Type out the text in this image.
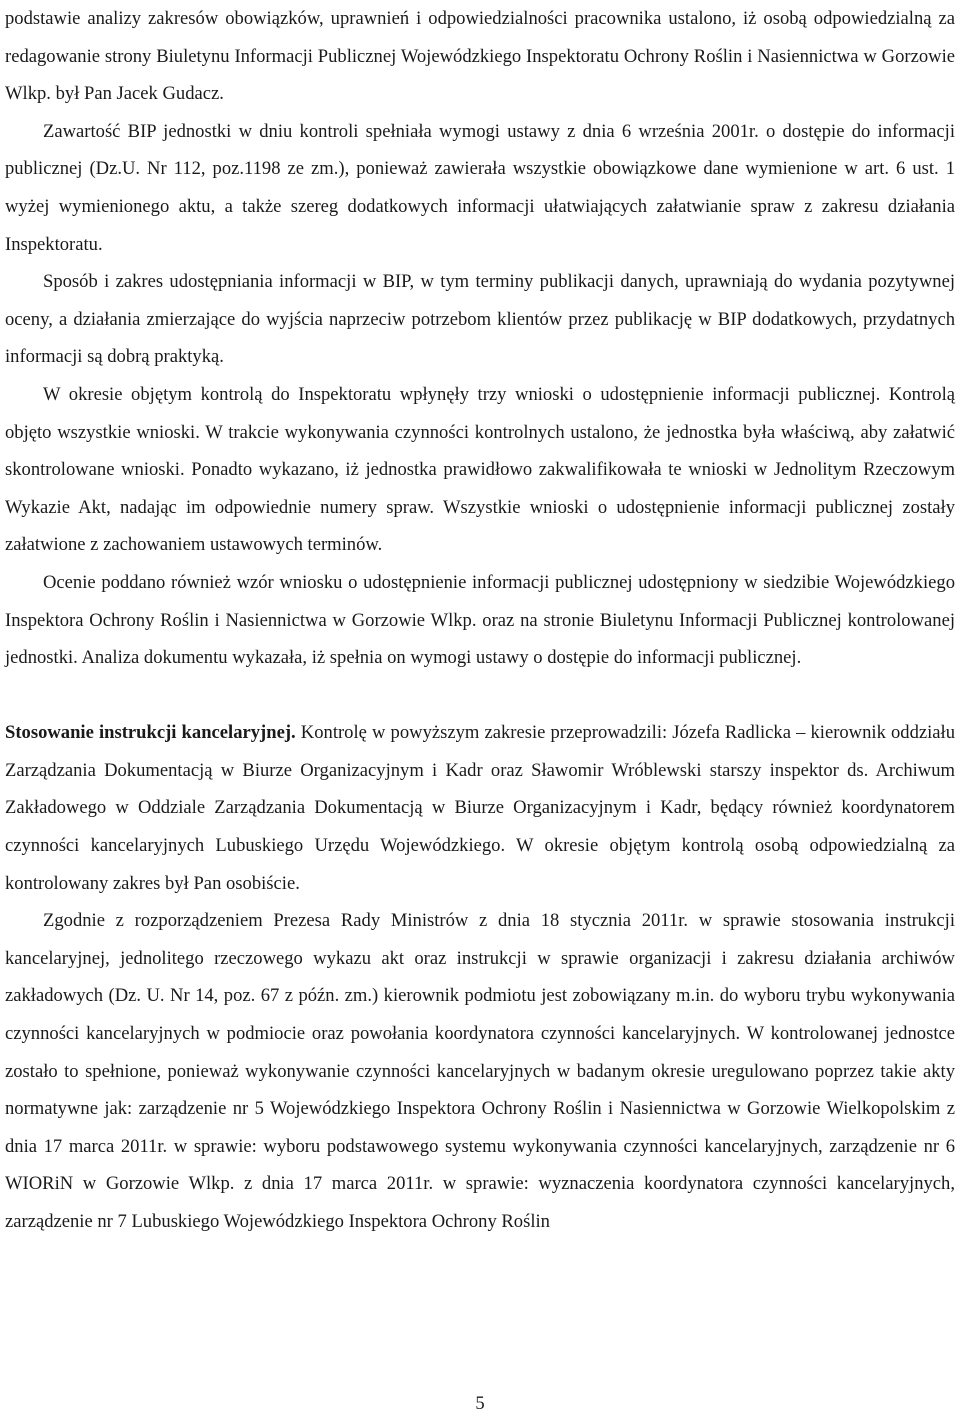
podstawie analizy zakresów obowiązków, uprawnień i odpowiedzialności pracownika ustalono, iż osobą odpowiedzialną za redagowanie strony Biuletynu Informacji Publicznej Wojewódzkiego Inspektoratu Ochrony Roślin i Nasiennictwa w Gorzowie Wlkp. był Pan Jacek Gudacz.

Zawartość BIP jednostki w dniu kontroli spełniała wymogi ustawy z dnia 6 września 2001r. o dostępie do informacji publicznej (Dz.U. Nr 112, poz.1198 ze zm.), ponieważ zawierała wszystkie obowiązkowe dane wymienione w art. 6 ust. 1 wyżej wymienionego aktu, a także szereg dodatkowych informacji ułatwiających załatwianie spraw z zakresu działania Inspektoratu.

Sposób i zakres udostępniania informacji w BIP, w tym terminy publikacji danych, uprawniają do wydania pozytywnej oceny, a działania zmierzające do wyjścia naprzeciw potrzebom klientów przez publikację w BIP dodatkowych, przydatnych informacji są dobrą praktyką.

W okresie objętym kontrolą do Inspektoratu wpłynęły trzy wnioski o udostępnienie informacji publicznej. Kontrolą objęto wszystkie wnioski. W trakcie wykonywania czynności kontrolnych ustalono, że jednostka była właściwą, aby załatwić skontrolowane wnioski. Ponadto wykazano, iż jednostka prawidłowo zakwalifikowała te wnioski w Jednolitym Rzeczowym Wykazie Akt, nadając im odpowiednie numery spraw. Wszystkie wnioski o udostępnienie informacji publicznej zostały załatwione z zachowaniem ustawowych terminów.

Ocenie poddano również wzór wniosku o udostępnienie informacji publicznej udostępniony w siedzibie Wojewódzkiego Inspektora Ochrony Roślin i Nasiennictwa w Gorzowie Wlkp. oraz na stronie Biuletynu Informacji Publicznej kontrolowanej jednostki. Analiza dokumentu wykazała, iż spełnia on wymogi ustawy o dostępie do informacji publicznej.

Stosowanie instrukcji kancelaryjnej. Kontrolę w powyższym zakresie przeprowadzili: Józefa Radlicka – kierownik oddziału Zarządzania Dokumentacją w Biurze Organizacyjnym i Kadr oraz Sławomir Wróblewski starszy inspektor ds. Archiwum Zakładowego w Oddziale Zarządzania Dokumentacją w Biurze Organizacyjnym i Kadr, będący również koordynatorem czynności kancelaryjnych Lubuskiego Urzędu Wojewódzkiego. W okresie objętym kontrolą osobą odpowiedzialną za kontrolowany zakres był Pan osobiście.

Zgodnie z rozporządzeniem Prezesa Rady Ministrów z dnia 18 stycznia 2011r. w sprawie stosowania instrukcji kancelaryjnej, jednolitego rzeczowego wykazu akt oraz instrukcji w sprawie organizacji i zakresu działania archiwów zakładowych (Dz. U. Nr 14, poz. 67 z późn. zm.) kierownik podmiotu jest zobowiązany m.in. do wyboru trybu wykonywania czynności kancelaryjnych w podmiocie oraz powołania koordynatora czynności kancelaryjnych. W kontrolowanej jednostce zostało to spełnione, ponieważ wykonywanie czynności kancelaryjnych w badanym okresie uregulowano poprzez takie akty normatywne jak: zarządzenie nr 5 Wojewódzkiego Inspektora Ochrony Roślin i Nasiennictwa w Gorzowie Wielkopolskim z dnia 17 marca 2011r. w sprawie: wyboru podstawowego systemu wykonywania czynności kancelaryjnych, zarządzenie nr 6 WIORiN w Gorzowie Wlkp. z dnia 17 marca 2011r. w sprawie: wyznaczenia koordynatora czynności kancelaryjnych, zarządzenie nr 7 Lubuskiego Wojewódzkiego Inspektora Ochrony Roślin

5
